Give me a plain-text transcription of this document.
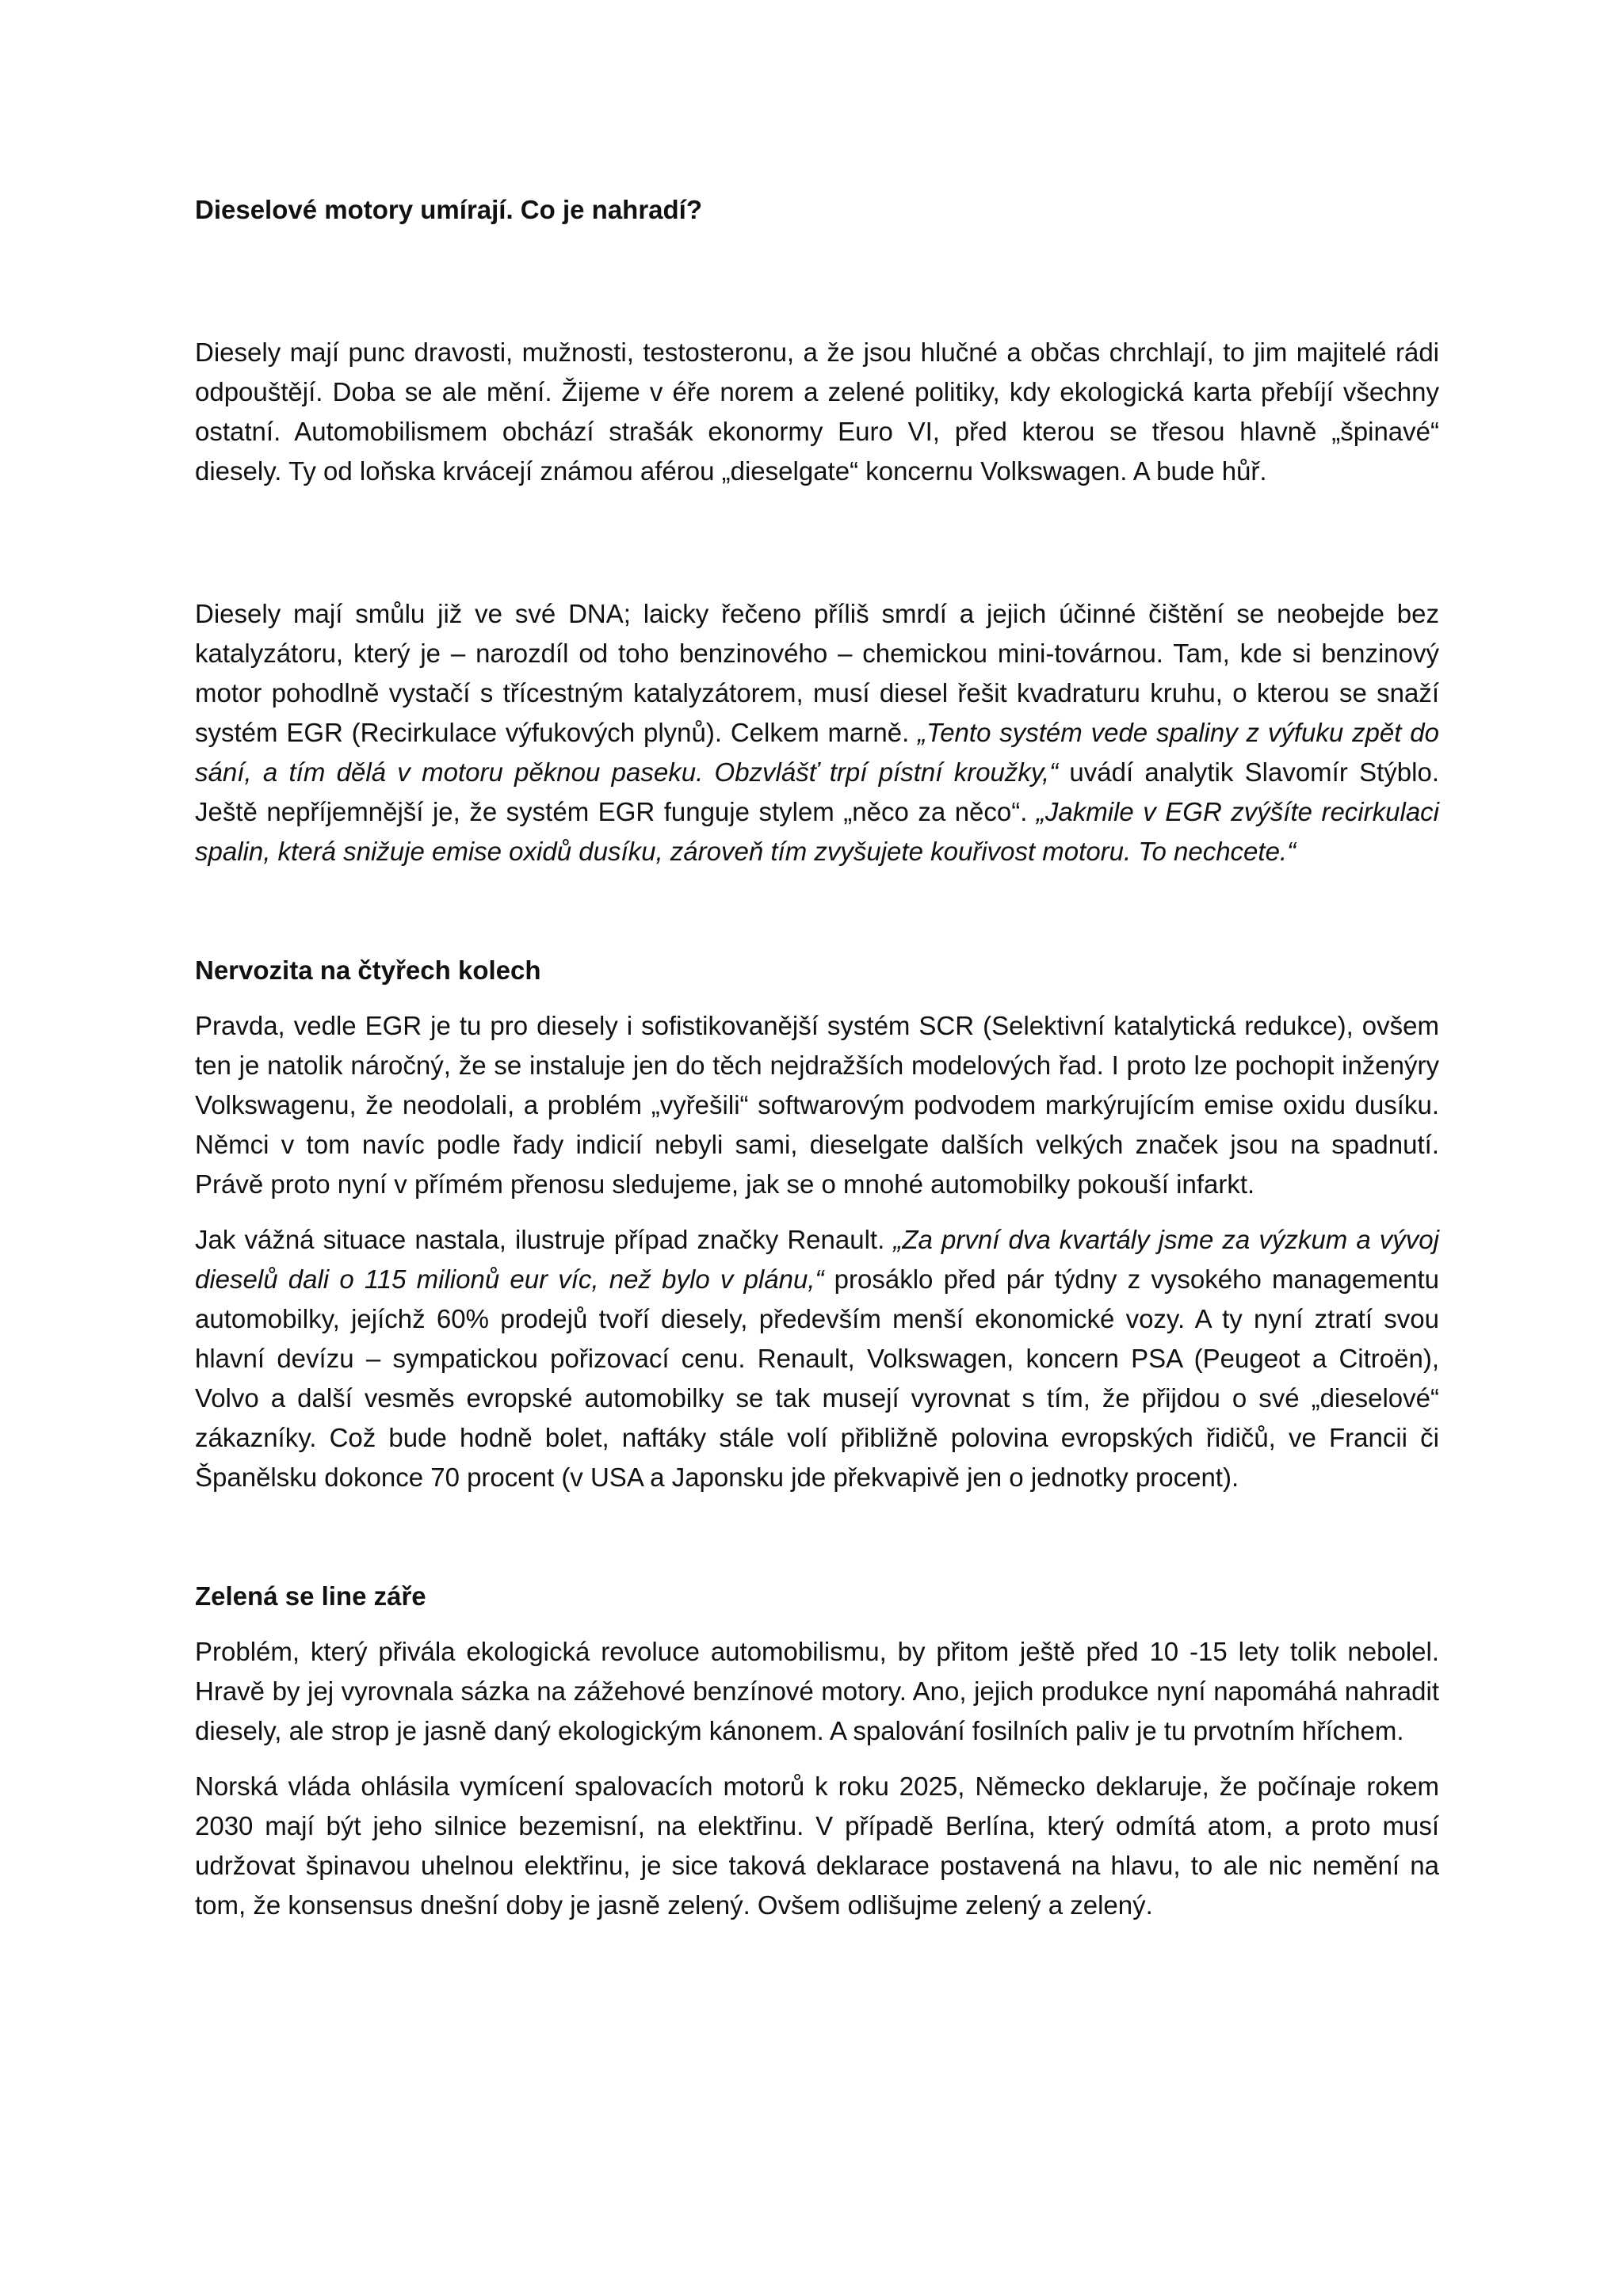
Dieselové motory umírají. Co je nahradí?

Diesely mají punc dravosti, mužnosti, testosteronu, a že jsou hlučné a občas chrchlají, to jim majitelé rádi odpouštějí. Doba se ale mění. Žijeme v éře norem a zelené politiky, kdy ekologická karta přebíjí všechny ostatní. Automobilismem obchází strašák ekonormy Euro VI, před kterou se třesou hlavně „špinavé“ diesely. Ty od loňska krvácejí známou aférou „dieselgate“ koncernu Volkswagen. A bude hůř.

Diesely mají smůlu již ve své DNA; laicky řečeno příliš smrdí a jejich účinné čištění se neobejde bez katalyzátoru, který je – narozdíl od toho benzinového – chemickou mini-továrnou. Tam, kde si benzinový motor pohodlně vystačí s třícestným katalyzátorem, musí diesel řešit kvadraturu kruhu, o kterou se snaží systém EGR (Recirkulace výfukových plynů). Celkem marně. „Tento systém vede spaliny z výfuku zpět do sání, a tím dělá v motoru pěknou paseku. Obzvlášť trpí pístní kroužky,“ uvádí analytik Slavomír Stýblo. Ještě nepříjemnější je, že systém EGR funguje stylem „něco za něco“. „Jakmile v EGR zvýšíte recirkulaci spalin, která snižuje emise oxidů dusíku, zároveň tím zvyšujete kouřivost motoru. To nechcete.“

Nervozita na čtyřech kolech

Pravda, vedle EGR je tu pro diesely i sofistikovanější systém SCR (Selektivní katalytická redukce), ovšem ten je natolik náročný, že se instaluje jen do těch nejdražších modelových řad. I proto lze pochopit inženýry Volkswagenu, že neodolali, a problém „vyřešili“ softwarovým podvodem markýrujícím emise oxidu dusíku. Němci v tom navíc podle řady indicií nebyli sami, dieselgate dalších velkých značek jsou na spadnutí. Právě proto nyní v přímém přenosu sledujeme, jak se o mnohé automobilky pokouší infarkt.

Jak vážná situace nastala, ilustruje případ značky Renault. „Za první dva kvartály jsme za výzkum a vývoj dieselů dali o 115 milionů eur víc, než bylo v plánu,“ prosáklo před pár týdny z vysokého managementu automobilky, jejíchž 60% prodejů tvoří diesely, především menší ekonomické vozy. A ty nyní ztratí svou hlavní devízu – sympatickou pořizovací cenu. Renault, Volkswagen, koncern PSA (Peugeot a Citroën), Volvo a další vesměs evropské automobilky se tak musejí vyrovnat s tím, že přijdou o své „dieselové“ zákazníky. Což bude hodně bolet, naftáky stále volí přibližně polovina evropských řidičů, ve Francii či Španělsku dokonce 70 procent (v USA a Japonsku jde překvapivě jen o jednotky procent).

Zelená se line záře

Problém, který přivála ekologická revoluce automobilismu, by přitom ještě před 10 -15 lety tolik nebolel. Hravě by jej vyrovnala sázka na zážehové benzínové motory. Ano, jejich produkce nyní napomáhá nahradit diesely, ale strop je jasně daný ekologickým kánonem. A spalování fosilních paliv je tu prvotním hříchem.

Norská vláda ohlásila vymícení spalovacích motorů k roku 2025, Německo deklaruje, že počínaje rokem 2030 mají být jeho silnice bezemisní, na elektřinu. V případě Berlína, který odmítá atom, a proto musí udržovat špinavou uhelnou elektřinu, je sice taková deklarace postavená na hlavu, to ale nic nemění na tom, že konsensus dnešní doby je jasně zelený. Ovšem odlišujme zelený a zelený.
